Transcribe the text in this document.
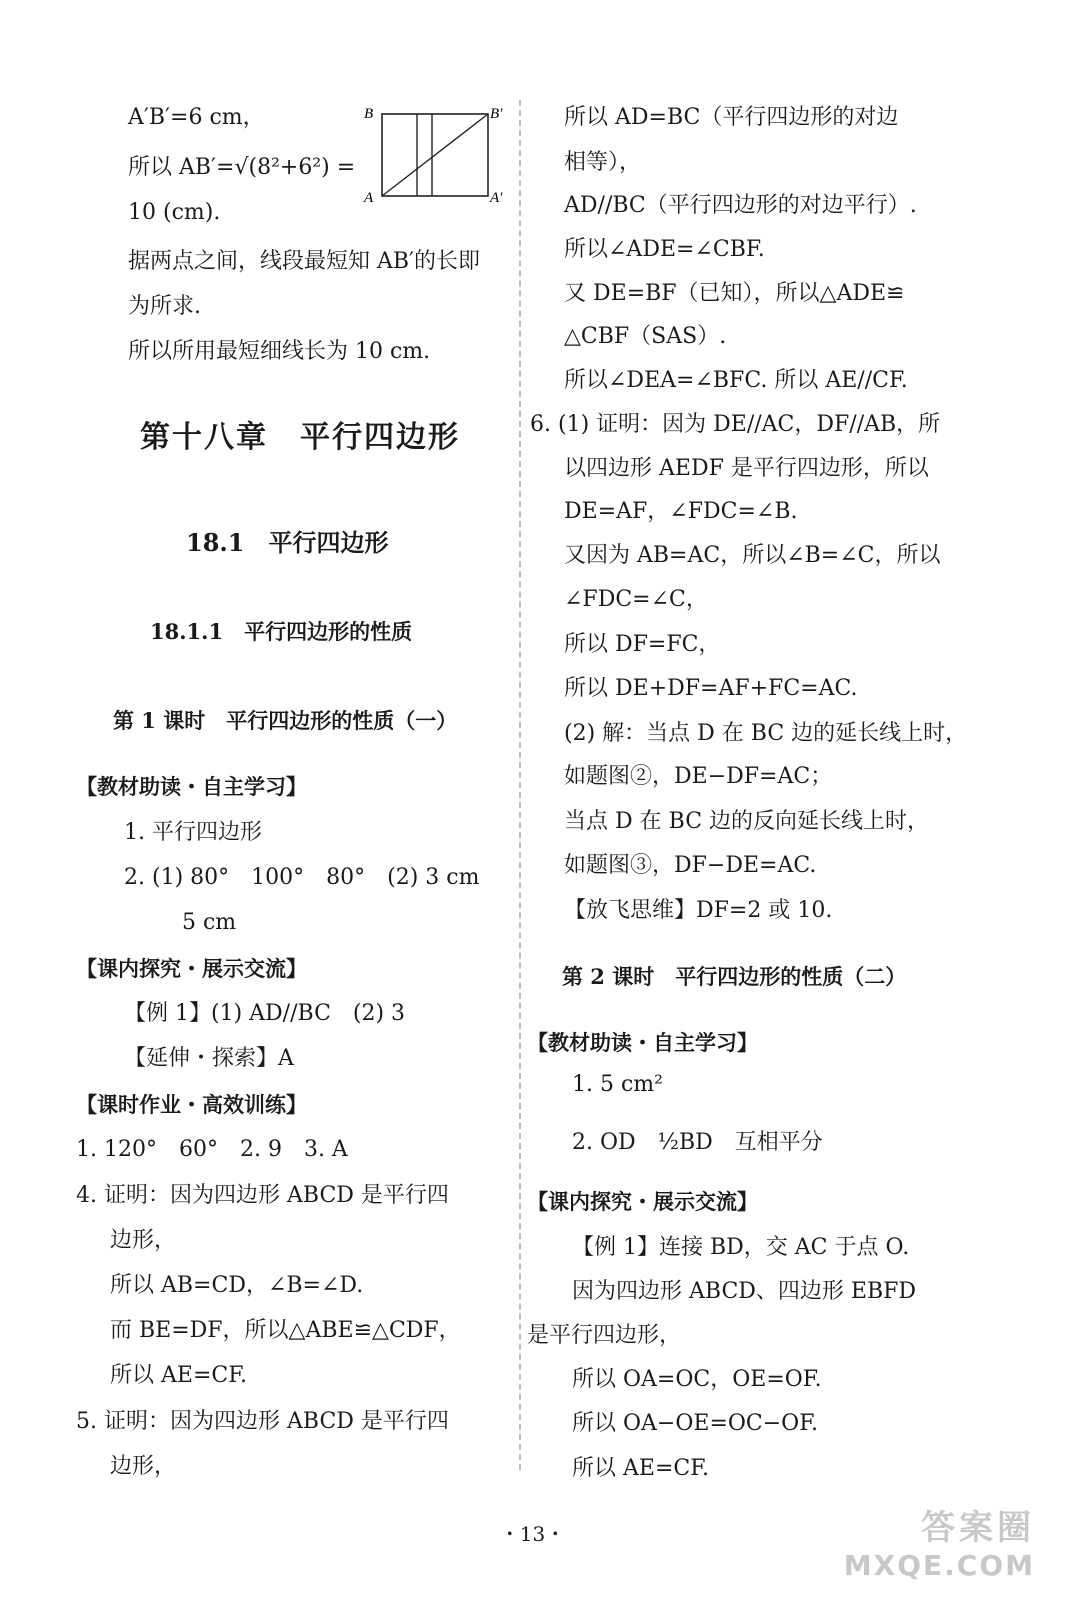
A′B′=6 cm，
所以 AB′=√(8²+6²) =
10 (cm).
B	B′
A	A′
据两点之间，线段最短知 AB′的长即
为所求.
所以所用最短细线长为 10 cm.
第十八章　平行四边形
18.1　平行四边形
18.1.1　平行四边形的性质
第 1 课时　平行四边形的性质（一）
【教材助读・自主学习】
1. 平行四边形
2. (1) 80°　100°　80°　(2) 3 cm
5 cm
【课内探究・展示交流】
【例 1】(1) AD//BC　(2) 3
【延伸・探索】A
【课时作业・高效训练】
1. 120°　60°　2. 9　3. A
4. 证明：因为四边形 ABCD 是平行四
边形，
所以 AB=CD，∠B=∠D.
而 BE=DF，所以△ABE≌△CDF，
所以 AE=CF.
5. 证明：因为四边形 ABCD 是平行四
边形，
所以 AD=BC（平行四边形的对边
相等），
AD//BC（平行四边形的对边平行）.
所以∠ADE=∠CBF.
又 DE=BF（已知），所以△ADE≌
△CBF（SAS）.
所以∠DEA=∠BFC. 所以 AE//CF.
6. (1) 证明：因为 DE//AC，DF//AB，所
以四边形 AEDF 是平行四边形，所以
DE=AF，∠FDC=∠B.
又因为 AB=AC，所以∠B=∠C，所以
∠FDC=∠C，
所以 DF=FC，
所以 DE+DF=AF+FC=AC.
(2) 解：当点 D 在 BC 边的延长线上时，
如题图②，DE−DF=AC；
当点 D 在 BC 边的反向延长线上时，
如题图③，DF−DE=AC.
【放飞思维】DF=2 或 10.
第 2 课时　平行四边形的性质（二）
【教材助读・自主学习】
1. 5 cm²
2. OD　½BD　互相平分
【课内探究・展示交流】
【例 1】连接 BD，交 AC 于点 O.
因为四边形 ABCD、四边形 EBFD
是平行四边形，
所以 OA=OC，OE=OF.
所以 OA−OE=OC−OF.
所以 AE=CF.
・13・	答案圈
MXQE.COM
